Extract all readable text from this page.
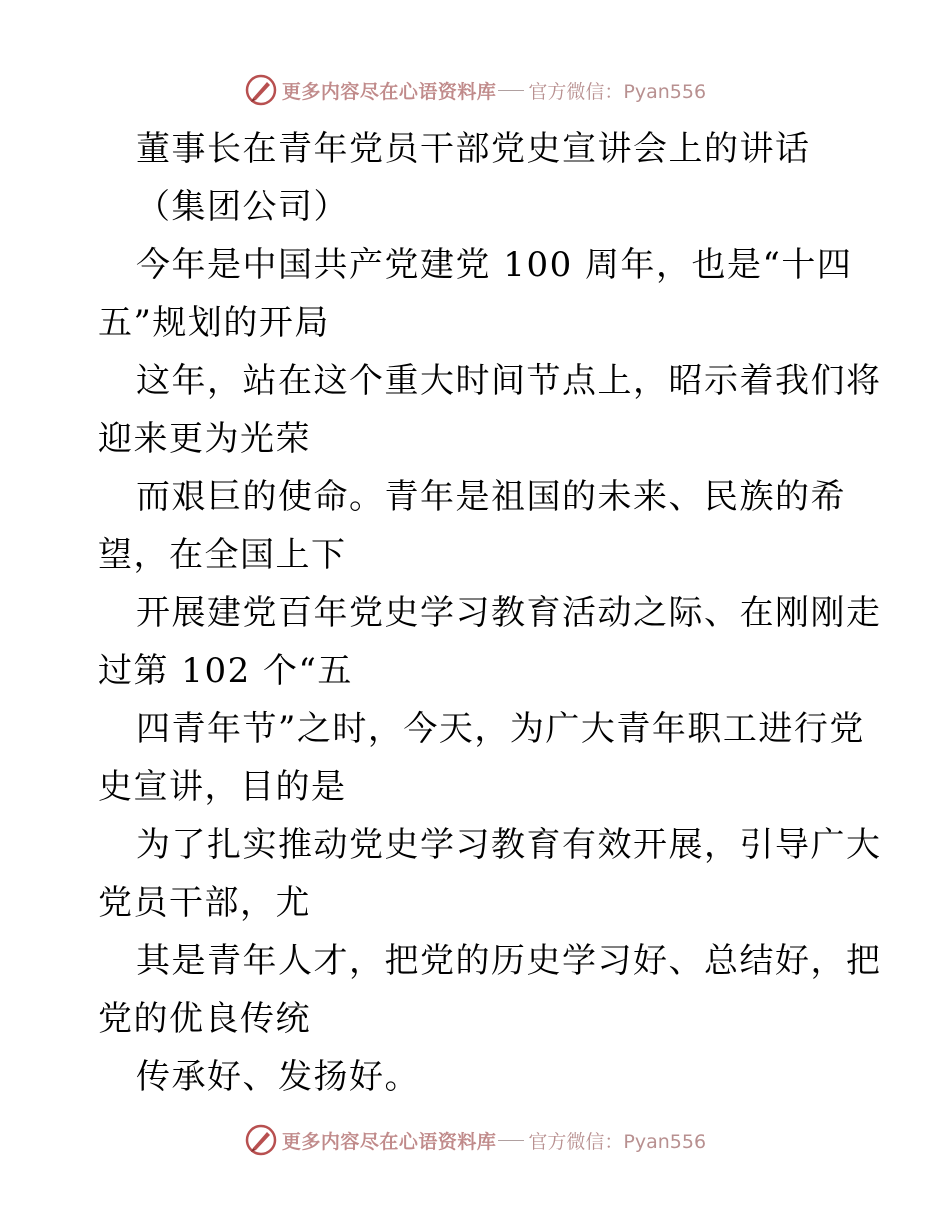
更多内容尽在心语资料库 官方微信：Pyan556
董事长在青年党员干部党史宣讲会上的讲话
（集团公司）
今年是中国共产党建党 100 周年，也是“十四
五”规划的开局
这年，站在这个重大时间节点上，昭示着我们将
迎来更为光荣
而艰巨的使命。青年是祖国的未来、民族的希
望，在全国上下
开展建党百年党史学习教育活动之际、在刚刚走
过第 102 个“五
四青年节”之时，今天，为广大青年职工进行党
史宣讲，目的是
为了扎实推动党史学习教育有效开展，引导广大
党员干部，尤
其是青年人才，把党的历史学习好、总结好，把
党的优良传统
传承好、发扬好。
更多内容尽在心语资料库 官方微信：Pyan556
